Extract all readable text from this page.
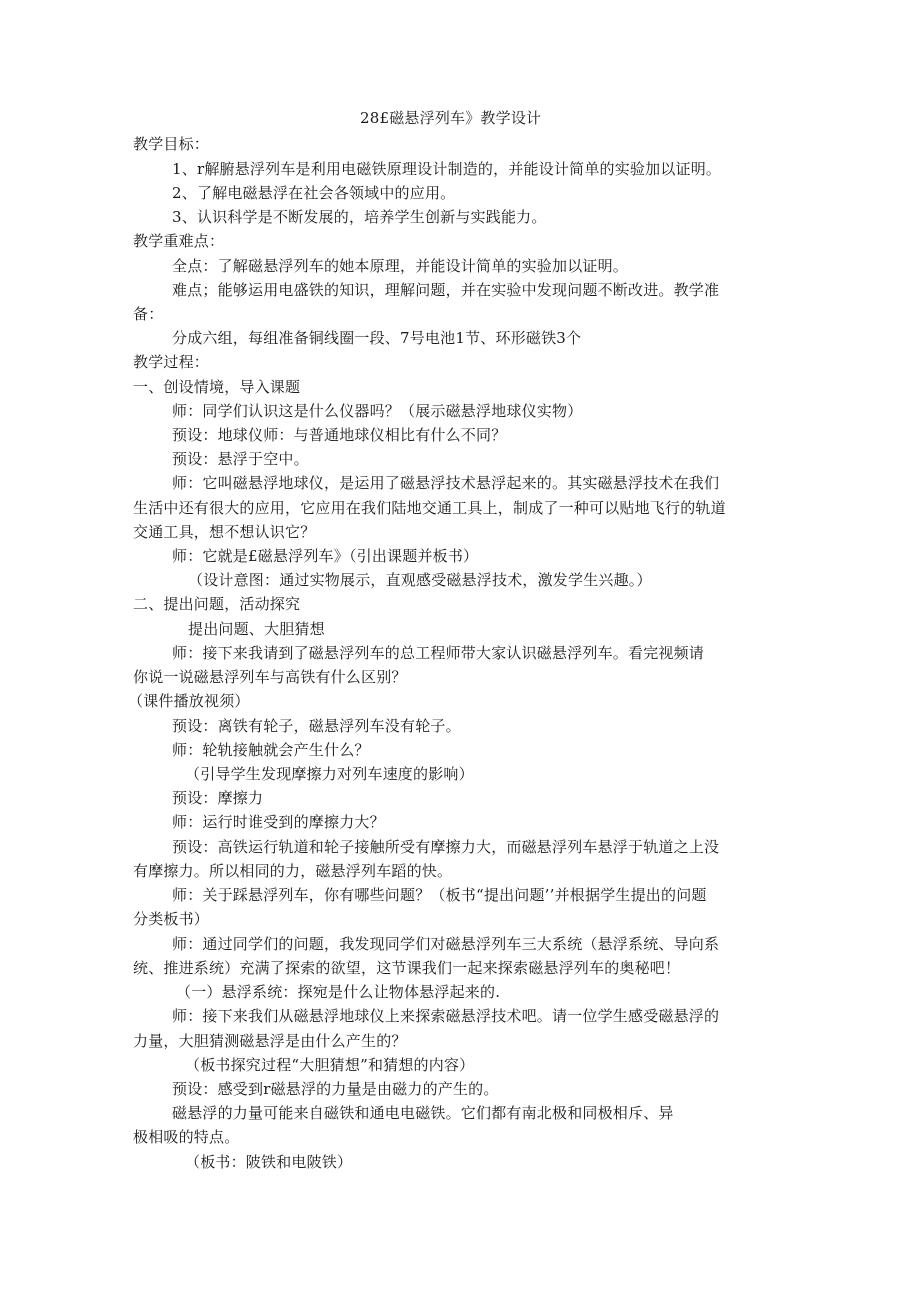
28£磁悬浮列车》教学设计
教学目标：
1、r解腑悬浮列车是利用电磁铁原理设计制造的，并能设计简单的实验加以证明。
2、了解电磁悬浮在社会各领域中的应用。
3、认识科学是不断发展的，培养学生创新与实践能力。
教学重难点：
全点：了解磁悬浮列车的她本原理，并能设计简单的实验加以证明。
难点；能够运用电盛铁的知识，理解问题，并在实验中发现问题不断改进。教学准
备：
分成六组，每组准备铜线圈一段、7号电池1节、环形磁铁3个
教学过程：
一、创设情境，导入课题
师：同学们认识这是什么仪器吗？（展示磁悬浮地球仪实物）
预设：地球仪师：与普通地球仪相比有什么不同？
预设：悬浮于空中。
师：它叫磁悬浮地球仪，是运用了磁悬浮技术悬浮起来的。其实磁悬浮技术在我们
生活中还有很大的应用，它应用在我们陆地交通工具上，制成了一种可以贴地飞行的轨道
交通工具，想不想认识它？
师：它就是£磁悬浮列车》（引出课题并板书）
（设计意图：通过实物展示，直观感受磁悬浮技术，激发学生兴趣。）
二、提出问题，活动探究
提出问题、大胆猜想
师：接下来我请到了磁悬浮列车的总工程师带大家认识磁悬浮列车。看完视频请
你说一说磁悬浮列车与高铁有什么区别？
（课件播放视须）
预设：离铁有轮子，磁悬浮列车没有轮子。
师：轮轨接触就会产生什么？
（引导学生发现摩擦力对列车速度的影响）
预设：摩擦力
师：运行时谁受到的摩擦力大？
预设：高铁运行轨道和轮子接触所受有摩擦力大，而磁悬浮列车悬浮于轨道之上没
有摩擦力。所以相同的力，磁悬浮列车蹈的快。
师：关于踩悬浮列车，你有哪些问题？（板书“提出问题’’并根据学生提出的问题
分类板书）
师：通过同学们的问题，我发现同学们对磁悬浮列车三大系统（悬浮系统、导向系
统、推进系统）充满了探索的欲望，这节课我们一起来探索磁悬浮列车的奥秘吧！
（一）悬浮系统：探宛是什么让物体悬浮起来的.
师：接下来我们从磁悬浮地球仪上来探索磁悬浮技术吧。请一位学生感受磁悬浮的
力量，大胆猜测磁悬浮是由什么产生的？
（板书探究过程“大胆猜想”和猜想的内容）
预设：感受到r磁悬浮的力量是由磁力的产生的。
磁悬浮的力量可能来自磁铁和通电电磁铁。它们都有南北极和同极相斥、异
极相吸的特点。
（板书：陂铁和电陂铁）
